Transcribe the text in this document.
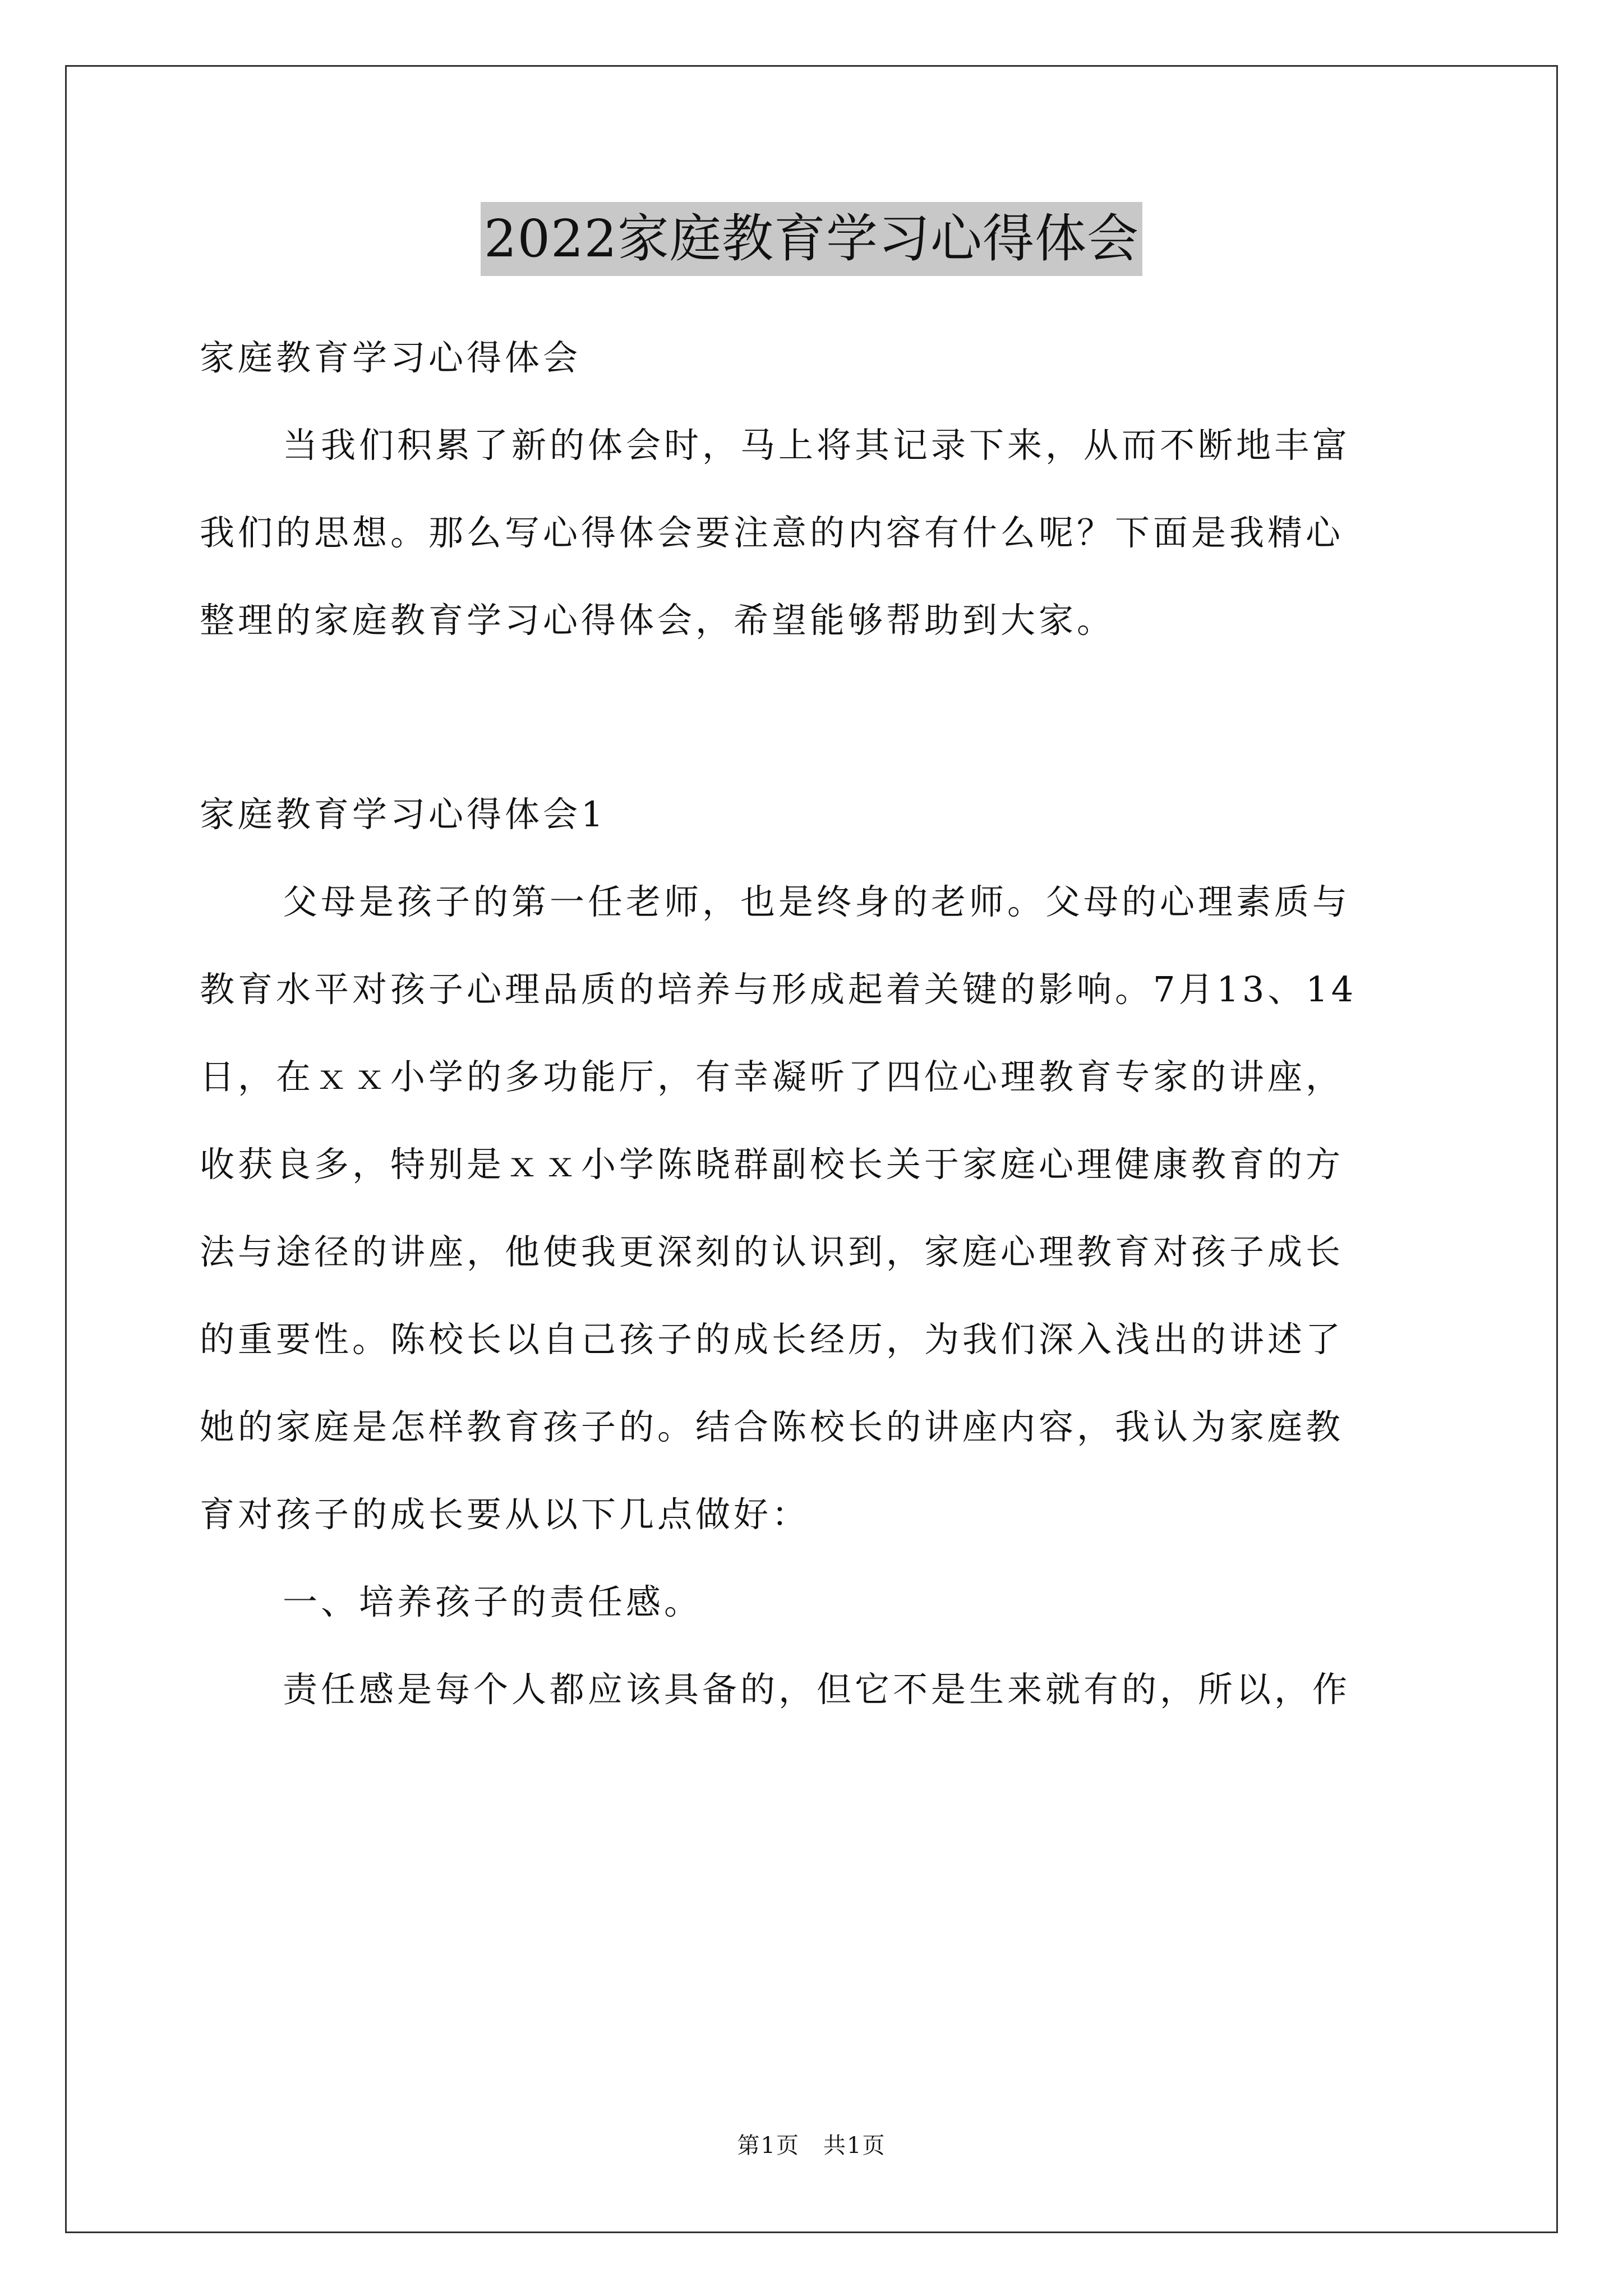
2022家庭教育学习心得体会
家庭教育学习心得体会
当我们积累了新的体会时，马上将其记录下来，从而不断地丰富
我们的思想。那么写心得体会要注意的内容有什么呢？下面是我精心
整理的家庭教育学习心得体会，希望能够帮助到大家。
家庭教育学习心得体会1
父母是孩子的第一任老师，也是终身的老师。父母的心理素质与
教育水平对孩子心理品质的培养与形成起着关键的影响。7月13、14
日，在ｘｘ小学的多功能厅，有幸凝听了四位心理教育专家的讲座，
收获良多，特别是ｘｘ小学陈晓群副校长关于家庭心理健康教育的方
法与途径的讲座，他使我更深刻的认识到，家庭心理教育对孩子成长
的重要性。陈校长以自己孩子的成长经历，为我们深入浅出的讲述了
她的家庭是怎样教育孩子的。结合陈校长的讲座内容，我认为家庭教
育对孩子的成长要从以下几点做好：
一、培养孩子的责任感。
责任感是每个人都应该具备的，但它不是生来就有的，所以，作
第1页　共1页
